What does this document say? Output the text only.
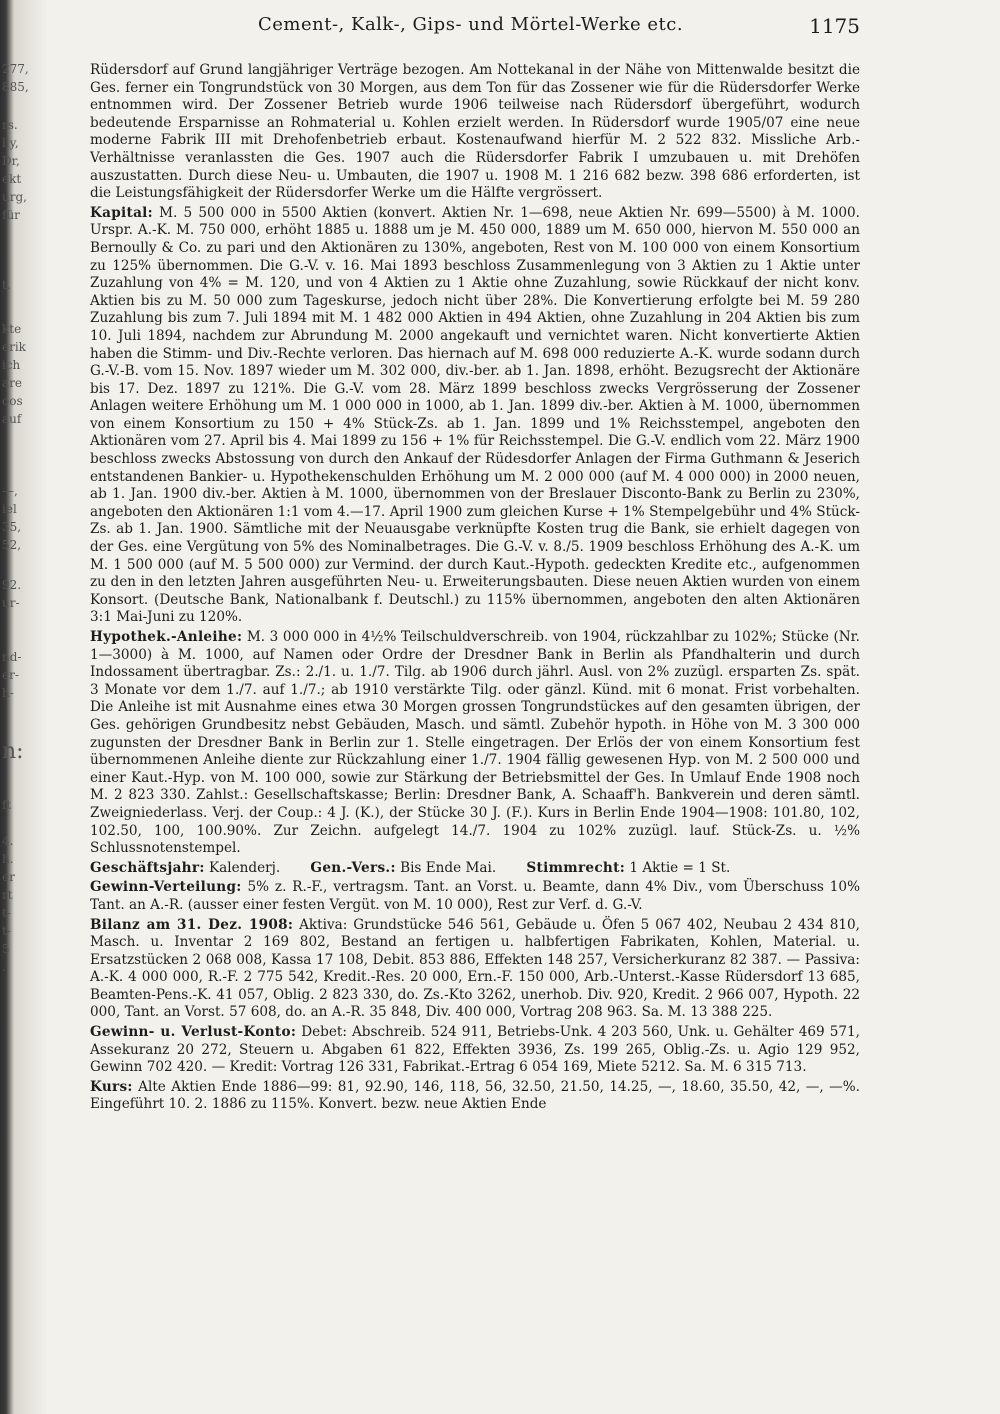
277,
885,
rs.
lly,
Dr,
ekt
urg,
für
t.
kte
erik
ich
are
oos
auf
—,
iel
35,
52,
92.
ur-
nd-
er-
h-
n:
ft
4.
h.
er
rt
t-
t-
5
.
Cement-, Kalk-, Gips- und Mörtel-Werke etc.	1175

Rüdersdorf auf Grund langjähriger Verträge bezogen. Am Nottekanal in der Nähe von Mittenwalde besitzt die Ges. ferner ein Tongrundstück von 30 Morgen, aus dem Ton für das Zossener wie für die Rüdersdorfer Werke entnommen wird. Der Zossener Betrieb wurde 1906 teilweise nach Rüdersdorf übergeführt, wodurch bedeutende Ersparnisse an Rohmaterial u. Kohlen erzielt werden. In Rüdersdorf wurde 1905/07 eine neue moderne Fabrik III mit Drehofenbetrieb erbaut. Kostenaufwand hierfür M. 2 522 832. Missliche Arb.-Verhältnisse veranlassten die Ges. 1907 auch die Rüdersdorfer Fabrik I umzubauen u. mit Drehöfen auszustatten. Durch diese Neu- u. Umbauten, die 1907 u. 1908 M. 1 216 682 bezw. 398 686 erforderten, ist die Leistungsfähigkeit der Rüdersdorfer Werke um die Hälfte vergrössert.

Kapital: M. 5 500 000 in 5500 Aktien (konvert. Aktien Nr. 1—698, neue Aktien Nr. 699—5500) à M. 1000. Urspr. A.-K. M. 750 000, erhöht 1885 u. 1888 um je M. 450 000, 1889 um M. 650 000, hiervon M. 550 000 an Bernoully & Co. zu pari und den Aktionären zu 130%, angeboten, Rest von M. 100 000 von einem Konsortium zu 125% übernommen. Die G.-V. v. 16. Mai 1893 beschloss Zusammenlegung von 3 Aktien zu 1 Aktie unter Zuzahlung von 4% = M. 120, und von 4 Aktien zu 1 Aktie ohne Zuzahlung, sowie Rückkauf der nicht konv. Aktien bis zu M. 50 000 zum Tageskurse, jedoch nicht über 28%. Die Konvertierung erfolgte bei M. 59 280 Zuzahlung bis zum 7. Juli 1894 mit M. 1 482 000 Aktien in 494 Aktien, ohne Zuzahlung in 204 Aktien bis zum 10. Juli 1894, nachdem zur Abrundung M. 2000 angekauft und vernichtet waren. Nicht konvertierte Aktien haben die Stimm- und Div.-Rechte verloren. Das hiernach auf M. 698 000 reduzierte A.-K. wurde sodann durch G.-V.-B. vom 15. Nov. 1897 wieder um M. 302 000, div.-ber. ab 1. Jan. 1898, erhöht. Bezugsrecht der Aktionäre bis 17. Dez. 1897 zu 121%. Die G.-V. vom 28. März 1899 beschloss zwecks Vergrösserung der Zossener Anlagen weitere Erhöhung um M. 1 000 000 in 1000, ab 1. Jan. 1899 div.-ber. Aktien à M. 1000, übernommen von einem Konsortium zu 150 + 4% Stück-Zs. ab 1. Jan. 1899 und 1% Reichsstempel, angeboten den Aktionären vom 27. April bis 4. Mai 1899 zu 156 + 1% für Reichsstempel. Die G.-V. endlich vom 22. März 1900 beschloss zwecks Abstossung von durch den Ankauf der Rüdesdorfer Anlagen der Firma Guthmann & Jeserich entstandenen Bankier- u. Hypothekenschulden Erhöhung um M. 2 000 000 (auf M. 4 000 000) in 2000 neuen, ab 1. Jan. 1900 div.-ber. Aktien à M. 1000, übernommen von der Breslauer Disconto-Bank zu Berlin zu 230%, angeboten den Aktionären 1:1 vom 4.—17. April 1900 zum gleichen Kurse + 1% Stempelgebühr und 4% Stück-Zs. ab 1. Jan. 1900. Sämtliche mit der Neuausgabe verknüpfte Kosten trug die Bank, sie erhielt dagegen von der Ges. eine Vergütung von 5% des Nominalbetrages. Die G.-V. v. 8./5. 1909 beschloss Erhöhung des A.-K. um M. 1 500 000 (auf M. 5 500 000) zur Vermind. der durch Kaut.-Hypoth. gedeckten Kredite etc., aufgenommen zu den in den letzten Jahren ausgeführten Neu- u. Erweiterungsbauten. Diese neuen Aktien wurden von einem Konsort. (Deutsche Bank, Nationalbank f. Deutschl.) zu 115% übernommen, angeboten den alten Aktionären 3:1 Mai-Juni zu 120%.

Hypothek.-Anleihe: M. 3 000 000 in 4½% Teilschuldverschreib. von 1904, rückzahlbar zu 102%; Stücke (Nr. 1—3000) à M. 1000, auf Namen oder Ordre der Dresdner Bank in Berlin als Pfandhalterin und durch Indossament übertragbar. Zs.: 2./1. u. 1./7. Tilg. ab 1906 durch jährl. Ausl. von 2% zuzügl. ersparten Zs. spät. 3 Monate vor dem 1./7. auf 1./7.; ab 1910 verstärkte Tilg. oder gänzl. Künd. mit 6 monat. Frist vorbehalten. Die Anleihe ist mit Ausnahme eines etwa 30 Morgen grossen Tongrundstückes auf den gesamten übrigen, der Ges. gehörigen Grundbesitz nebst Gebäuden, Masch. und sämtl. Zubehör hypoth. in Höhe von M. 3 300 000 zugunsten der Dresdner Bank in Berlin zur 1. Stelle eingetragen. Der Erlös der von einem Konsortium fest übernommenen Anleihe diente zur Rückzahlung einer 1./7. 1904 fällig gewesenen Hyp. von M. 2 500 000 und einer Kaut.-Hyp. von M. 100 000, sowie zur Stärkung der Betriebsmittel der Ges. In Umlauf Ende 1908 noch M. 2 823 330. Zahlst.: Gesellschaftskasse; Berlin: Dresdner Bank, A. Schaaff'h. Bankverein und deren sämtl. Zweigniederlass. Verj. der Coup.: 4 J. (K.), der Stücke 30 J. (F.). Kurs in Berlin Ende 1904—1908: 101.80, 102, 102.50, 100, 100.90%. Zur Zeichn. aufgelegt 14./7. 1904 zu 102% zuzügl. lauf. Stück-Zs. u. ½% Schlussnotenstempel.

Geschäftsjahr: Kalenderj. Gen.-Vers.: Bis Ende Mai. Stimmrecht: 1 Aktie = 1 St.

Gewinn-Verteilung: 5% z. R.-F., vertragsm. Tant. an Vorst. u. Beamte, dann 4% Div., vom Überschuss 10% Tant. an A.-R. (ausser einer festen Vergüt. von M. 10 000), Rest zur Verf. d. G.-V.

Bilanz am 31. Dez. 1908: Aktiva: Grundstücke 546 561, Gebäude u. Öfen 5 067 402, Neubau 2 434 810, Masch. u. Inventar 2 169 802, Bestand an fertigen u. halbfertigen Fabrikaten, Kohlen, Material. u. Ersatzstücken 2 068 008, Kassa 17 108, Debit. 853 886, Effekten 148 257, Versicherkuranz 82 387. — Passiva: A.-K. 4 000 000, R.-F. 2 775 542, Kredit.-Res. 20 000, Ern.-F. 150 000, Arb.-Unterst.-Kasse Rüdersdorf 13 685, Beamten-Pens.-K. 41 057, Oblig. 2 823 330, do. Zs.-Kto 3262, unerhob. Div. 920, Kredit. 2 966 007, Hypoth. 22 000, Tant. an Vorst. 57 608, do. an A.-R. 35 848, Div. 400 000, Vortrag 208 963. Sa. M. 13 388 225.

Gewinn- u. Verlust-Konto: Debet: Abschreib. 524 911, Betriebs-Unk. 4 203 560, Unk. u. Gehälter 469 571, Assekuranz 20 272, Steuern u. Abgaben 61 822, Effekten 3936, Zs. 199 265, Oblig.-Zs. u. Agio 129 952, Gewinn 702 420. — Kredit: Vortrag 126 331, Fabrikat.-Ertrag 6 054 169, Miete 5212. Sa. M. 6 315 713.

Kurs: Alte Aktien Ende 1886—99: 81, 92.90, 146, 118, 56, 32.50, 21.50, 14.25, —, 18.60, 35.50, 42, —, —%. Eingeführt 10. 2. 1886 zu 115%. Konvert. bezw. neue Aktien Ende
